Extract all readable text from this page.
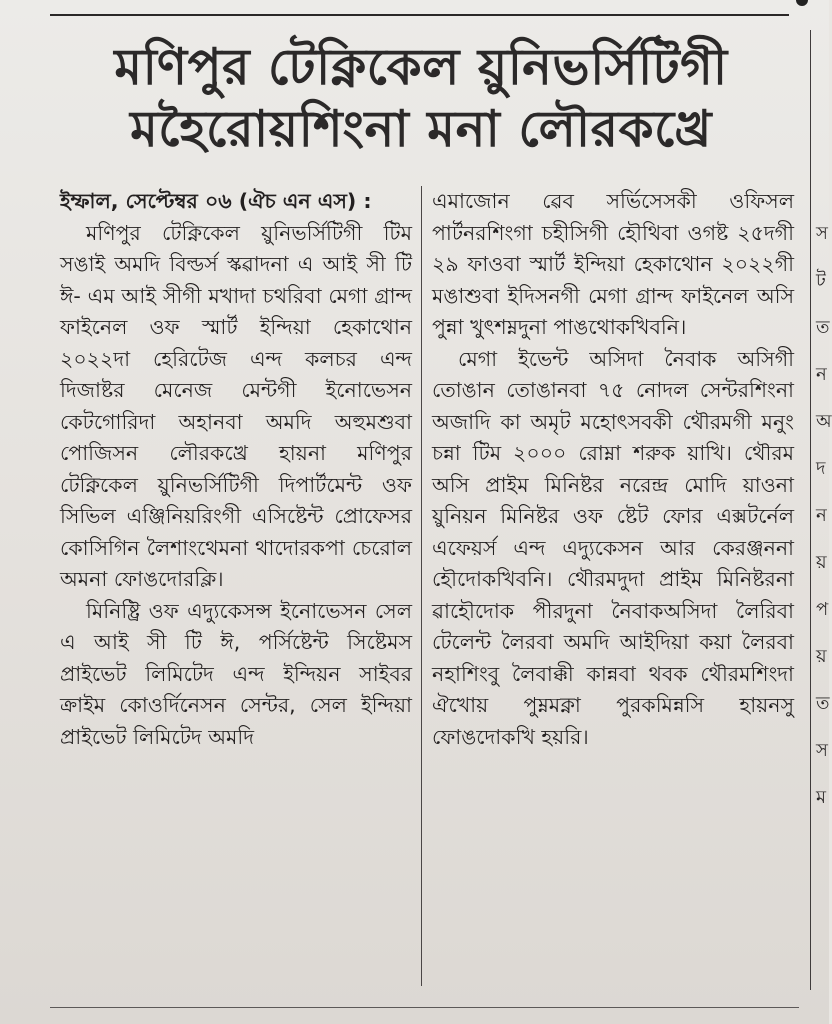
মণিপুর টেক্নিকেল য়ুনিভর্সিটিগী
মহৈরোয়শিংনা মনা লৌরকখ্রে

ইম্ফাল, সেপ্টেম্বর ০৬ (ঐচ এন এস) :

মণিপুর টেক্নিকেল য়ুনিভর্সিটিগী টিম সঙাই অমদি বিল্ডর্স স্কৱাদনা এ আই সী টি ঈ- এম আই সীগী মখাদা চথরিবা মেগা গ্রান্দ ফাইনেল ওফ স্মার্ট ইন্দিয়া হেকাথোন ২০২২দা হেরিটেজ এন্দ কলচর এন্দ দিজাষ্টর মেনেজ মেন্টগী ইনোভেসন কেটগোরিদা অহানবা অমদি অহুমশুবা পোজিসন লৌরকখ্রে হায়না মণিপুর টেক্নিকেল য়ুনিভর্সিটিগী দিপার্টমেন্ট ওফ সিভিল এঞ্জিনিয়রিংগী এসিষ্টেন্ট প্রোফেসর কোসিগিন লৈশাংথেমনা থাদোরকপা চেরোল অমনা ফোঙদোরক্লি।

মিনিষ্ট্রি ওফ এদ্যুকেসন্স ইনোভেসন সেল এ আই সী টি ঈ, পর্সিষ্টেন্ট সিষ্টেমস প্রাইভেট লিমিটেদ এন্দ ইন্দিয়ন সাইবর ক্রাইম কোওর্দিনেসন সেন্টর, সেল ইন্দিয়া প্রাইভেট লিমিটেদ অমদি

এমাজোন ৱেব সর্ভিসেসকী ওফিসল পার্টনরশিংগা চহীসিগী হৌথিবা ওগষ্ট ২৫দগী ২৯ ফাওবা স্মার্ট ইন্দিয়া হেকাথোন ২০২২গী মঙাশুবা ইদিসনগী মেগা গ্রান্দ ফাইনেল অসি পুন্না খুৎশম্নদুনা পাঙথোকখিবনি।

মেগা ইভেন্ট অসিদা নৈবাক অসিগী তোঙান তোঙানবা ৭৫ নোদল সেন্টরশিংনা অজাদি কা অমৃট মহোৎসবকী থৌরমগী মনুং চন্না টিম ২০০০ রোম্না শরুক য়াখি। থৌরম অসি প্রাইম মিনিষ্টর নরেন্দ্র মোদি য়াওনা য়ুনিয়ন মিনিষ্টর ওফ ষ্টেট ফোর এক্সটর্নেল এফেয়র্স এন্দ এদ্যুকেসন আর কেরঞ্জননা হৌদোকখিবনি। থৌরমদুদা প্রাইম মিনিষ্টরনা ৱাহৌদোক পীরদুনা নৈবাকঅসিদা লৈরিবা টেলেন্ট লৈরবা অমদি আইদিয়া কয়া লৈরবা নহাশিংবু লৈবাক্কী কান্নবা থবক থৌরমশিংদা ঐখোয় পুম্নমক্না পুরকমিন্নসি হায়নসু ফোঙদোকখি হয়রি।

স
ট
ত
ন
অ
দ
ন
য়
প
য়
ত
স
ম
